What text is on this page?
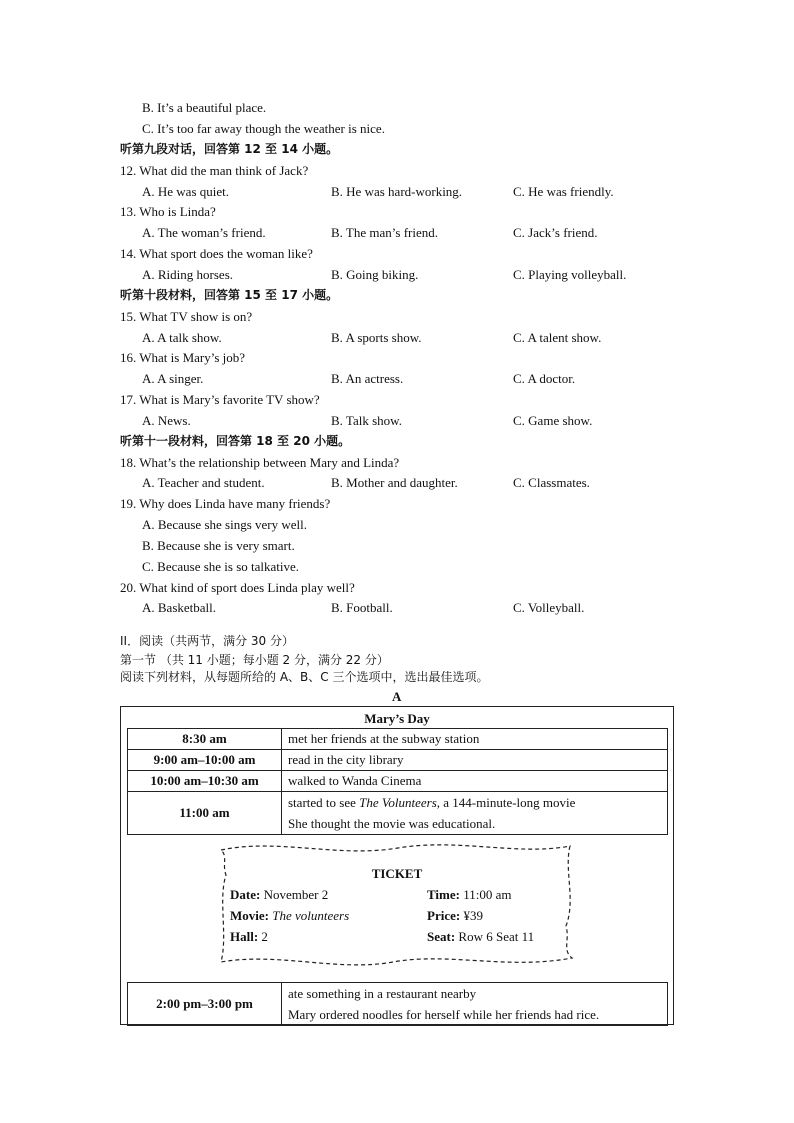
B. It’s a beautiful place.
C. It’s too far away though the weather is nice.
听第九段对话，回答第 12 至 14 小题。
12. What did the man think of Jack?
A. He was quiet.	B. He was hard-working.	C. He was friendly.
13. Who is Linda?
A. The woman’s friend.	B. The man’s friend.	C. Jack’s friend.
14. What sport does the woman like?
A. Riding horses.	B. Going biking.	C. Playing volleyball.
听第十段材料，回答第 15 至 17 小题。
15. What TV show is on?
A. A talk show.	B. A sports show.	C. A talent show.
16. What is Mary’s job?
A. A singer.	B. An actress.	C. A doctor.
17. What is Mary’s favorite TV show?
A. News.	B. Talk show.	C. Game show.
听第十一段材料，回答第 18 至 20 小题。
18. What’s the relationship between Mary and Linda?
A. Teacher and student.	B. Mother and daughter.	C. Classmates.
19. Why does Linda have many friends?
A. Because she sings very well.
B. Because she is very smart.
C. Because she is so talkative.
20. What kind of sport does Linda play well?
A. Basketball.	B. Football.	C. Volleyball.
II．阅读（共两节，满分 30 分）
第一节 （共 11 小题；每小题 2 分，满分 22 分）
阅读下列材料，从每题所给的 A、B、C 三个选项中，选出最佳选项。
A
Mary’s Day
8:30 am	met her friends at the subway station
9:00 am–10:00 am	read in the city library
10:00 am–10:30 am	walked to Wanda Cinema
11:00 am	started to see The Volunteers, a 144-minute-long movie
She thought the movie was educational.
TICKET
Date: November 2	Time: 11:00 am
Movie: The volunteers	Price: ¥39
Hall: 2	Seat: Row 6 Seat 11
2:00 pm–3:00 pm	ate something in a restaurant nearby
Mary ordered noodles for herself while her friends had rice.
